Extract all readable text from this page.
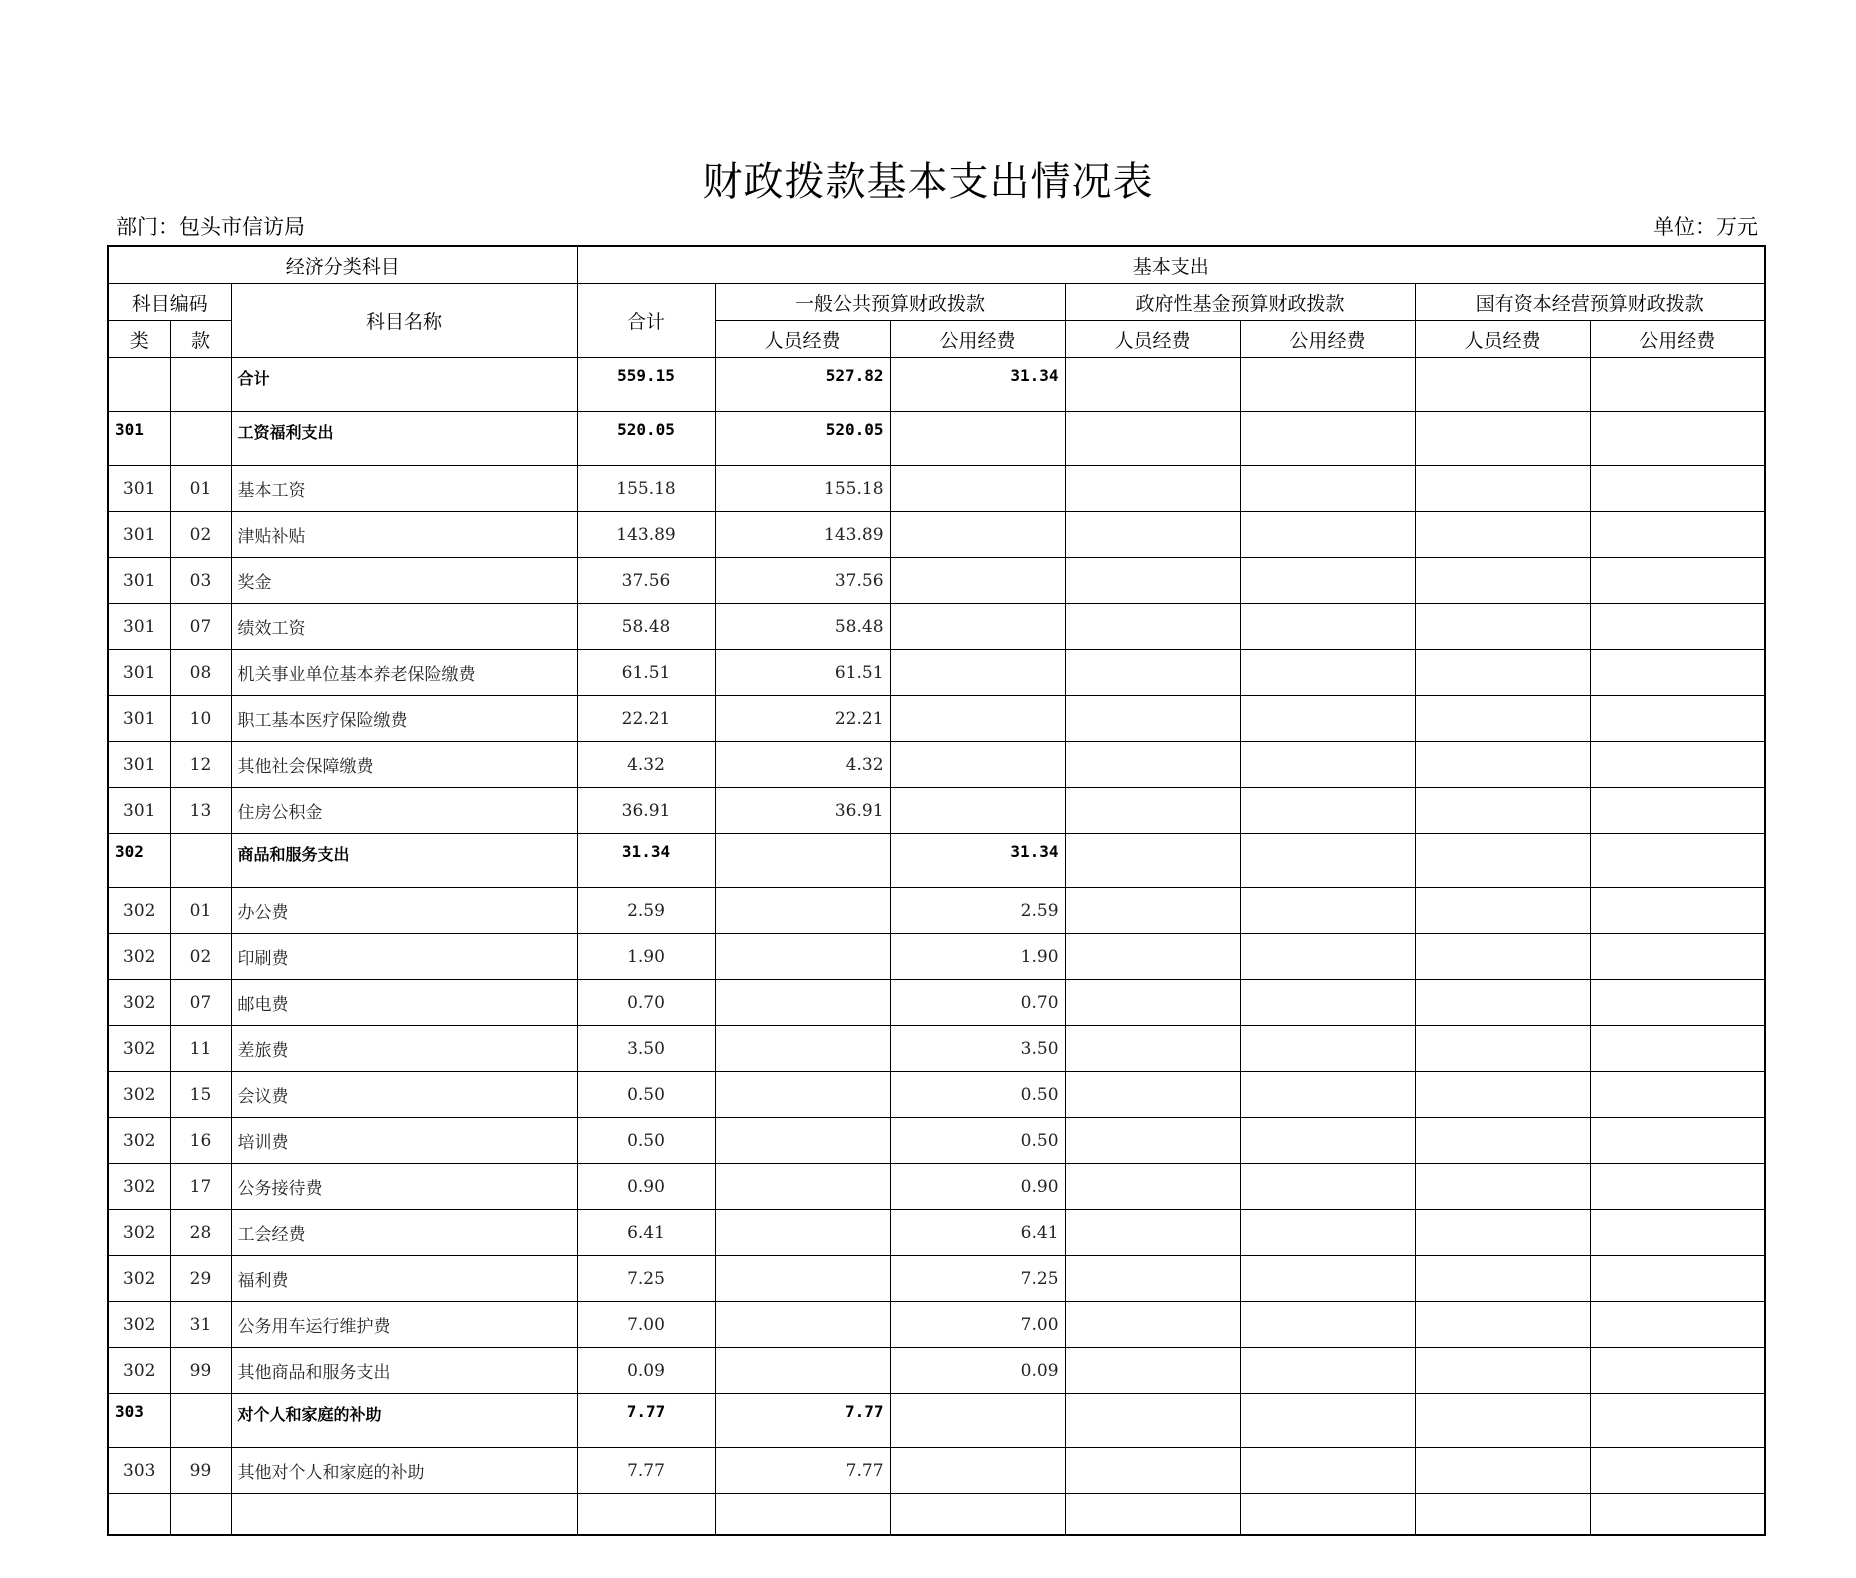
财政拨款基本支出情况表
部门：包头市信访局	单位：万元
经济分类科目			基本支出						
科目编码		科目名称	合计	一般公共预算财政拨款		政府性基金预算财政拨款		国有资本经营预算财政拨款	
类	款			人员经费	公用经费	人员经费	公用经费	人员经费	公用经费
		合计	559.15	527.82	31.34				
301		工资福利支出	520.05	520.05					
301	01	基本工资	155.18	155.18					
301	02	津贴补贴	143.89	143.89					
301	03	奖金	37.56	37.56					
301	07	绩效工资	58.48	58.48					
301	08	机关事业单位基本养老保险缴费	61.51	61.51					
301	10	职工基本医疗保险缴费	22.21	22.21					
301	12	其他社会保障缴费	4.32	4.32					
301	13	住房公积金	36.91	36.91					
302		商品和服务支出	31.34		31.34				
302	01	办公费	2.59		2.59				
302	02	印刷费	1.90		1.90				
302	07	邮电费	0.70		0.70				
302	11	差旅费	3.50		3.50				
302	15	会议费	0.50		0.50				
302	16	培训费	0.50		0.50				
302	17	公务接待费	0.90		0.90				
302	28	工会经费	6.41		6.41				
302	29	福利费	7.25		7.25				
302	31	公务用车运行维护费	7.00		7.00				
302	99	其他商品和服务支出	0.09		0.09				
303		对个人和家庭的补助	7.77	7.77					
303	99	其他对个人和家庭的补助	7.77	7.77					
